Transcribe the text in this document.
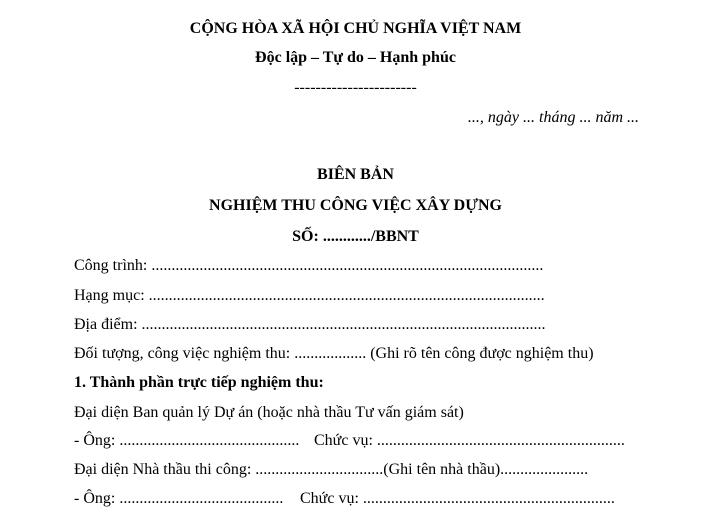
CỘNG HÒA XÃ HỘI CHỦ NGHĨA VIỆT NAM
Độc lập – Tự do – Hạnh phúc
-----------------------
..., ngày ... tháng ... năm ...
BIÊN BẢN
NGHIỆM THU CÔNG VIỆC XÂY DỰNG
SỐ: ............/BBNT
Công trình: ..................................................................................................
Hạng mục: ...................................................................................................
Địa điểm: .....................................................................................................
Đối tượng, công việc nghiệm thu: .................. (Ghi rõ tên công được nghiệm thu)
1. Thành phần trực tiếp nghiệm thu:
Đại diện Ban quản lý Dự án (hoặc nhà thầu Tư vấn giám sát)
- Ông: ............................................. Chức vụ: ..............................................................
Đại diện Nhà thầu thi công: ................................(Ghi tên nhà thầu)......................
- Ông: ......................................... Chức vụ: ...............................................................
